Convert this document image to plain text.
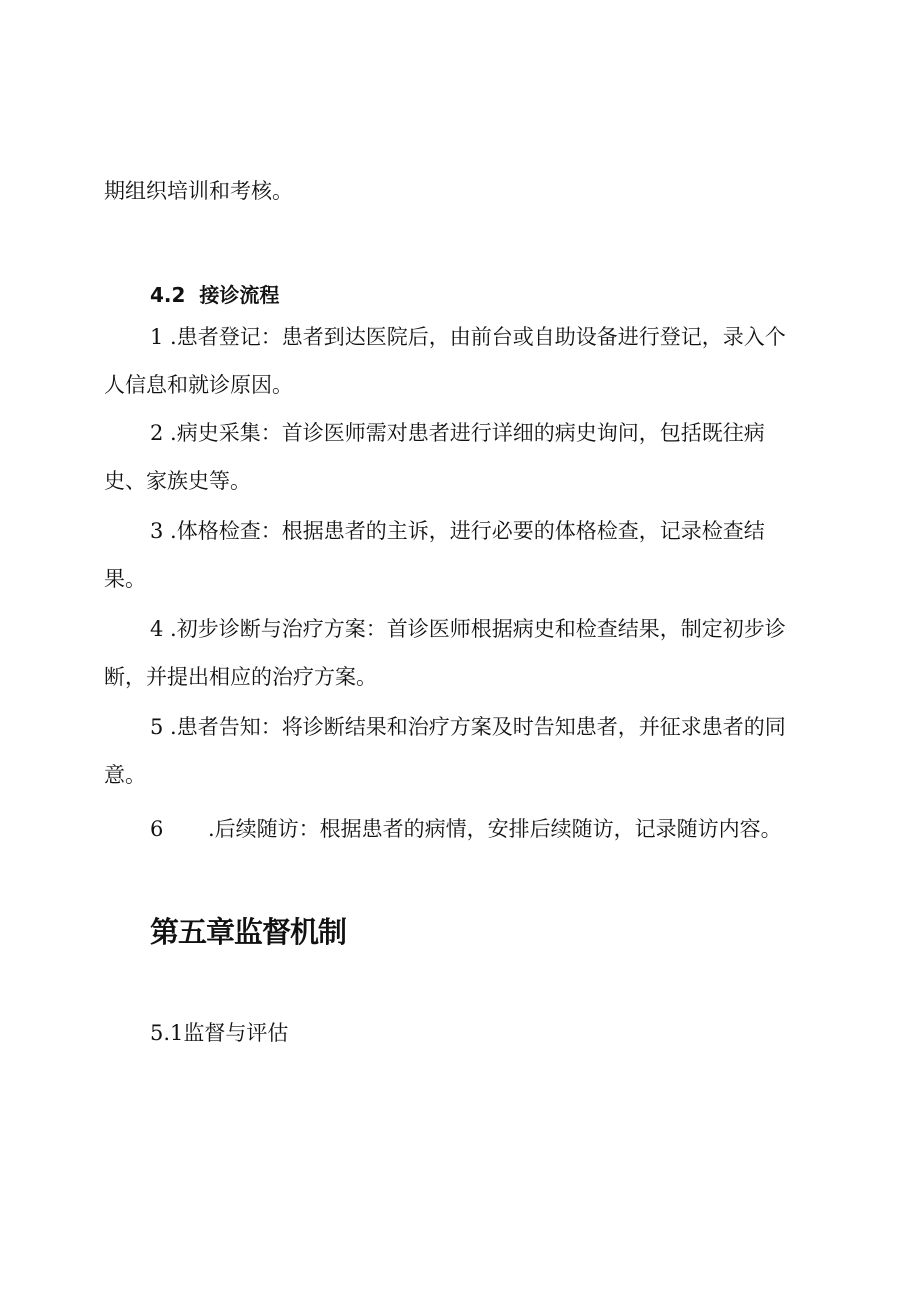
期组织培训和考核。

4.2 接诊流程

1 .患者登记：患者到达医院后，由前台或自助设备进行登记，录入个

人信息和就诊原因。

2 .病史采集：首诊医师需对患者进行详细的病史询问，包括既往病

史、家族史等。

3 .体格检查：根据患者的主诉，进行必要的体格检查，记录检查结

果。

4 .初步诊断与治疗方案：首诊医师根据病史和检查结果，制定初步诊

断，并提出相应的治疗方案。

5 .患者告知：将诊断结果和治疗方案及时告知患者，并征求患者的同

意。

6 .后续随访：根据患者的病情，安排后续随访，记录随访内容。

第五章监督机制

5.1监督与评估
